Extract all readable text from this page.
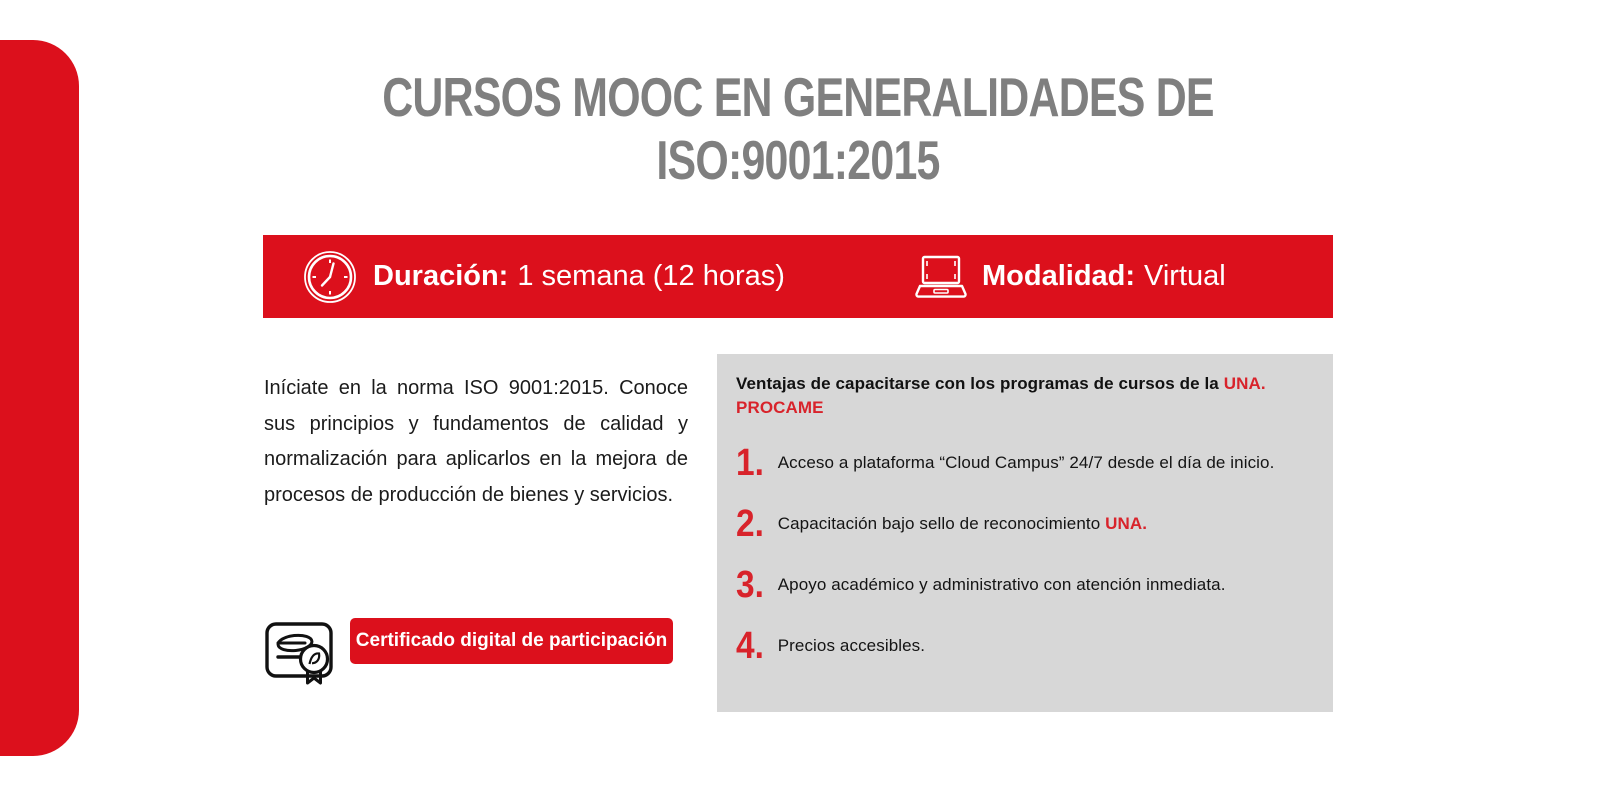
CURSOS MOOC EN GENERALIDADES DE
ISO:9001:2015
Duración: 1 semana (12 horas)	Modalidad: Virtual

Iníciate en la norma ISO 9001:2015. Conoce sus principios y fundamentos de calidad y normalización para aplicarlos en la mejora de procesos de producción de bienes y servicios.

Certificado digital de participación
Ventajas de capacitarse con los programas de cursos de la UNA.
PROCAME
1. Acceso a plataforma “Cloud Campus” 24/7 desde el día de inicio.
2. Capacitación bajo sello de reconocimiento UNA.
3. Apoyo académico y administrativo con atención inmediata.
4. Precios accesibles.
